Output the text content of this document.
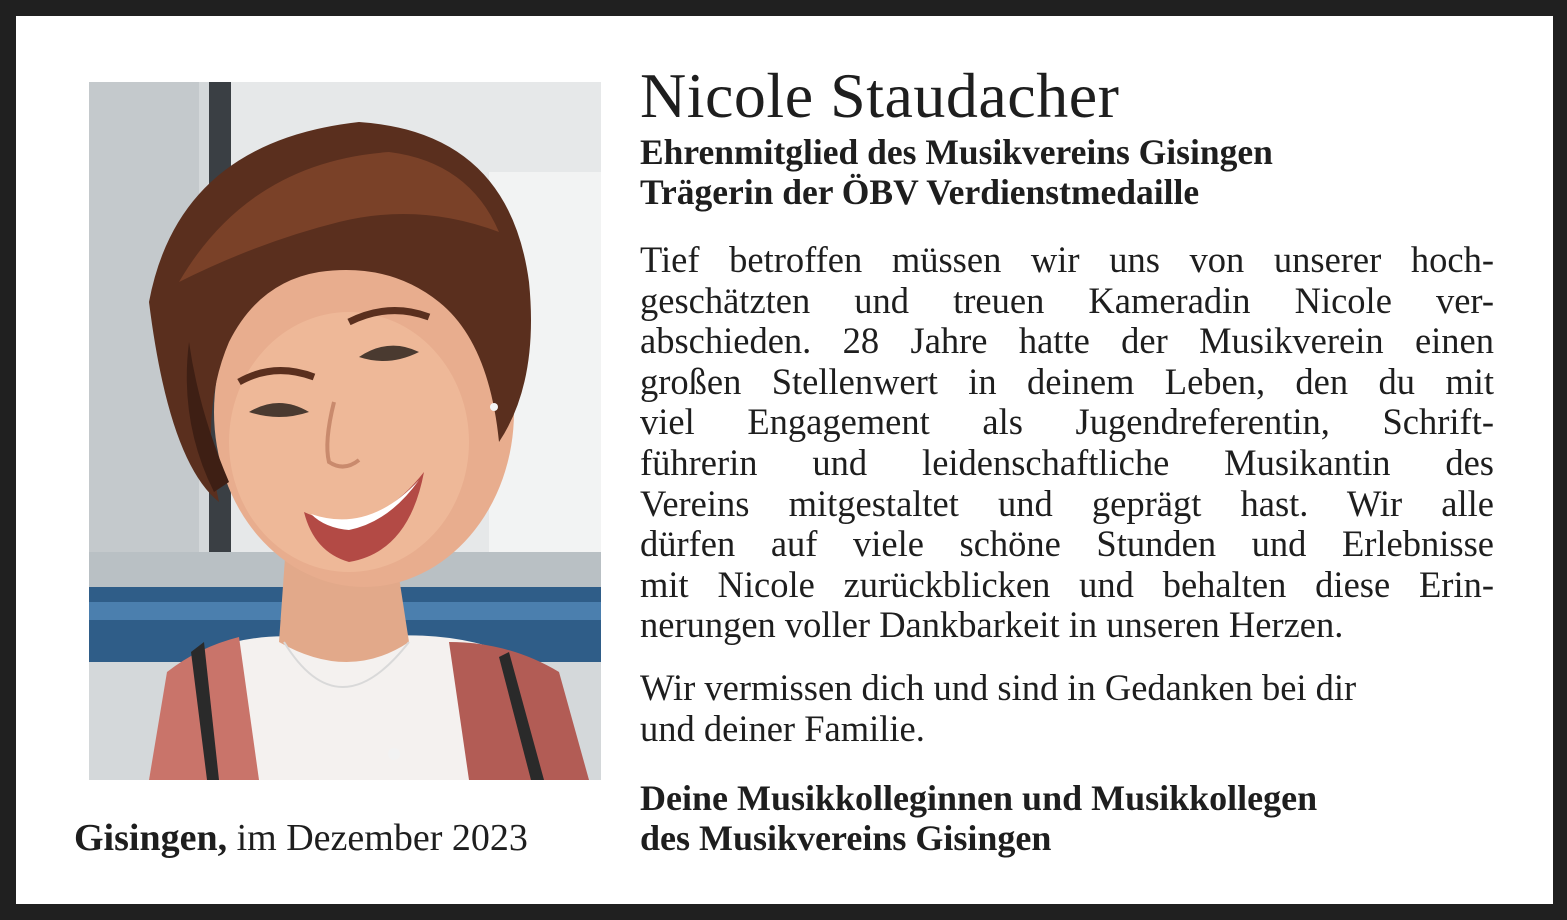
Gisingen, im Dezember 2023
Nicole Staudacher
Ehrenmitglied des Musikvereins Gisingen
Trägerin der ÖBV Verdienstmedaille
Tief betroffen müssen wir uns von unserer hoch-
geschätzten und treuen Kameradin Nicole ver-
abschieden. 28 Jahre hatte der Musikverein einen
großen Stellenwert in deinem Leben, den du mit
viel Engagement als Jugendreferentin, Schrift-
führerin und leidenschaftliche Musikantin des
Vereins mitgestaltet und geprägt hast. Wir alle
dürfen auf viele schöne Stunden und Erlebnisse
mit Nicole zurückblicken und behalten diese Erin-
nerungen voller Dankbarkeit in unseren Herzen.
Wir vermissen dich und sind in Gedanken bei dir
und deiner Familie.
Deine Musikkolleginnen und Musikkollegen
des Musikvereins Gisingen
